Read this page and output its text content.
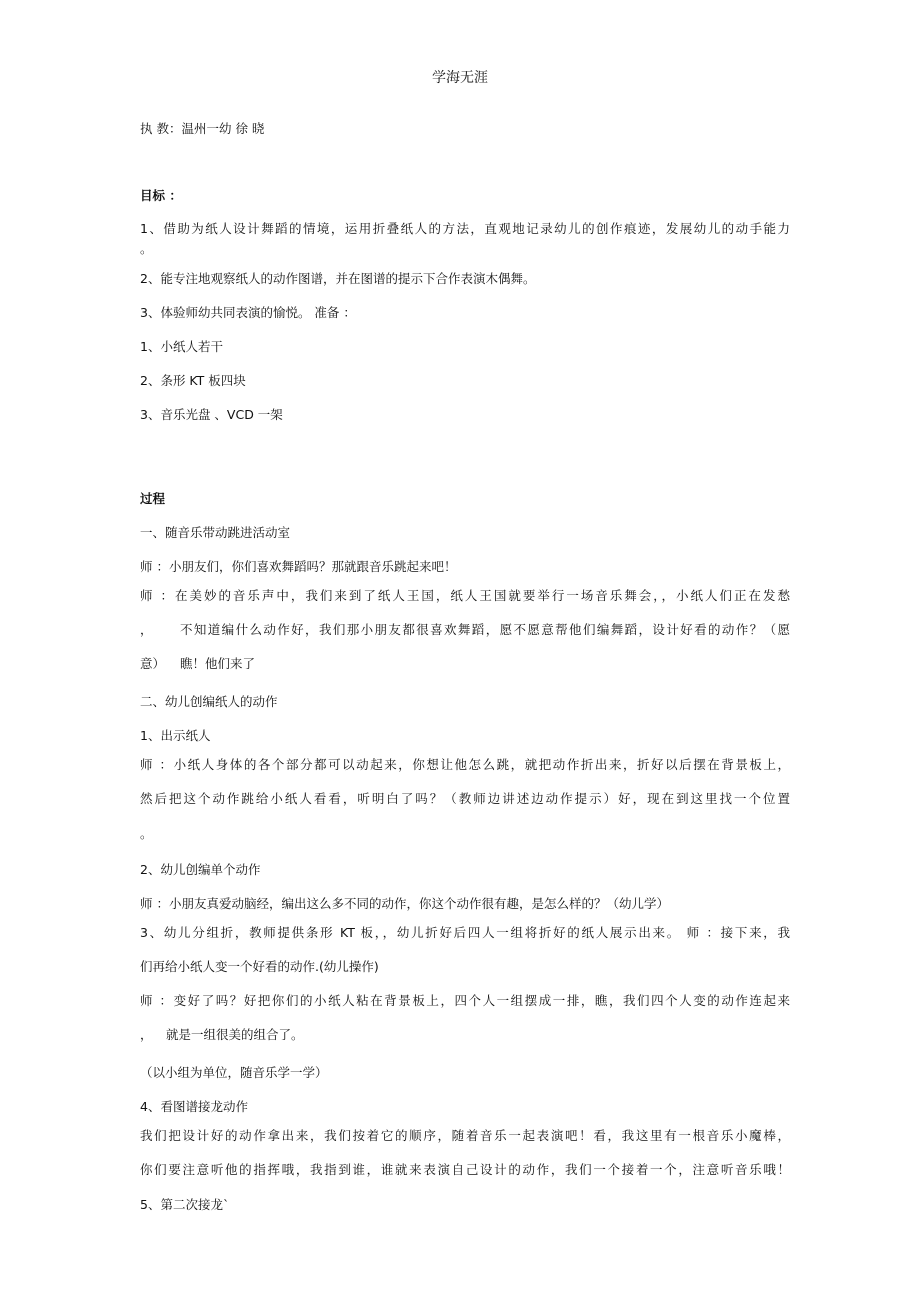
学海无涯
执 教：温州一幼 徐 晓
目标 ：
1、借助为纸人设计舞蹈的情境，运用折叠纸人的方法，直观地记录幼儿的创作痕迹，发展幼儿的动手能力
。
2、能专注地观察纸人的动作图谱，并在图谱的提示下合作表演木偶舞。
3、体验师幼共同表演的愉悦。 准备 ：
1、小纸人若干
2、条形 KT 板四块
3、音乐光盘 、VCD 一架
过程
一、随音乐带动跳进活动室
师 ：小朋友们，你们喜欢舞蹈吗？那就跟音乐跳起来吧！
师 ：在美妙的音乐声中，我们来到了纸人王国，纸人王国就要举行一场音乐舞会，，小纸人们正在发愁
， 不知道编什么动作好，我们那小朋友都很喜欢舞蹈，愿不愿意帮他们编舞蹈，设计好看的动作？（愿
意） 瞧！他们来了
二、幼儿创编纸人的动作
1、出示纸人
师 ：小纸人身体的各个部分都可以动起来，你想让他怎么跳，就把动作折出来，折好以后摆在背景板上，
然后把这个动作跳给小纸人看看，听明白了吗？（教师边讲述边动作提示）好，现在到这里找一个位置
。
2、幼儿创编单个动作
师 ：小朋友真爱动脑经，编出这么多不同的动作，你这个动作很有趣，是怎么样的？（幼儿学）
3、幼儿分组折，教师提供条形 KT 板，，幼儿折好后四人一组将折好的纸人展示出来。 师 ：接下来，我
们再给小纸人变一个好看的动作.(幼儿操作)
师 ：变好了吗？好把你们的小纸人粘在背景板上，四个人一组摆成一排，瞧，我们四个人变的动作连起来
， 就是一组很美的组合了。
（以小组为单位，随音乐学一学）
4、看图谱接龙动作
我们把设计好的动作拿出来，我们按着它的顺序，随着音乐一起表演吧！看，我这里有一根音乐小魔棒，
你们要注意听他的指挥哦，我指到谁，谁就来表演自己设计的动作，我们一个接着一个，注意听音乐哦！
5、第二次接龙`
